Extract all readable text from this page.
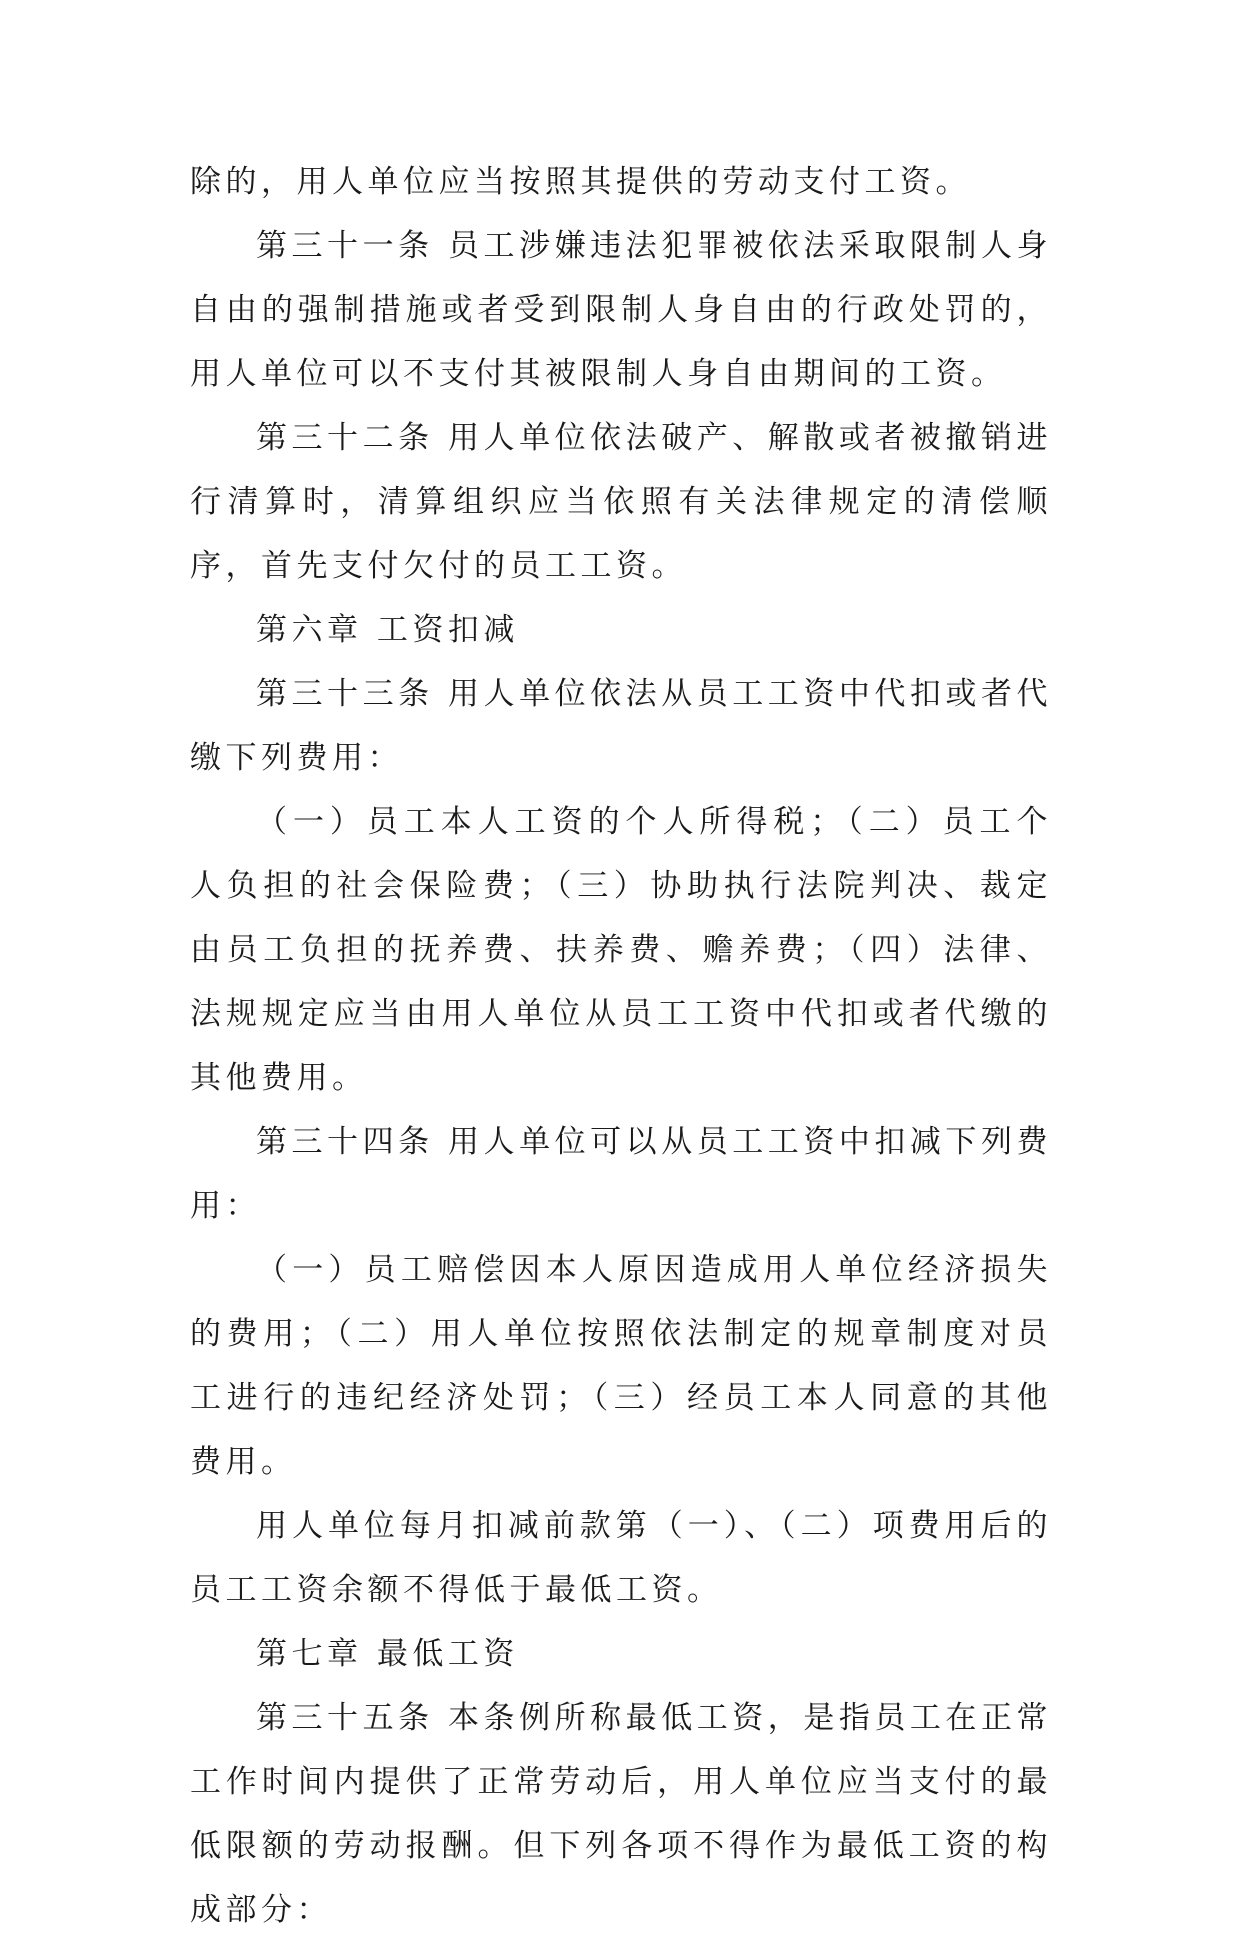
除的，用人单位应当按照其提供的劳动支付工资。

第三十一条 员工涉嫌违法犯罪被依法采取限制人身自由的强制措施或者受到限制人身自由的行政处罚的，用人单位可以不支付其被限制人身自由期间的工资。

第三十二条 用人单位依法破产、解散或者被撤销进行清算时，清算组织应当依照有关法律规定的清偿顺序，首先支付欠付的员工工资。

第六章 工资扣减

第三十三条 用人单位依法从员工工资中代扣或者代缴下列费用：

（一）员工本人工资的个人所得税；（二）员工个人负担的社会保险费；（三）协助执行法院判决、裁定由员工负担的抚养费、扶养费、赡养费；（四）法律、法规规定应当由用人单位从员工工资中代扣或者代缴的其他费用。

第三十四条 用人单位可以从员工工资中扣减下列费用：

（一）员工赔偿因本人原因造成用人单位经济损失的费用；（二）用人单位按照依法制定的规章制度对员工进行的违纪经济处罚；（三）经员工本人同意的其他费用。

用人单位每月扣减前款第（一）、（二）项费用后的员工工资余额不得低于最低工资。

第七章 最低工资

第三十五条 本条例所称最低工资，是指员工在正常工作时间内提供了正常劳动后，用人单位应当支付的最低限额的劳动报酬。但下列各项不得作为最低工资的构成部分：
